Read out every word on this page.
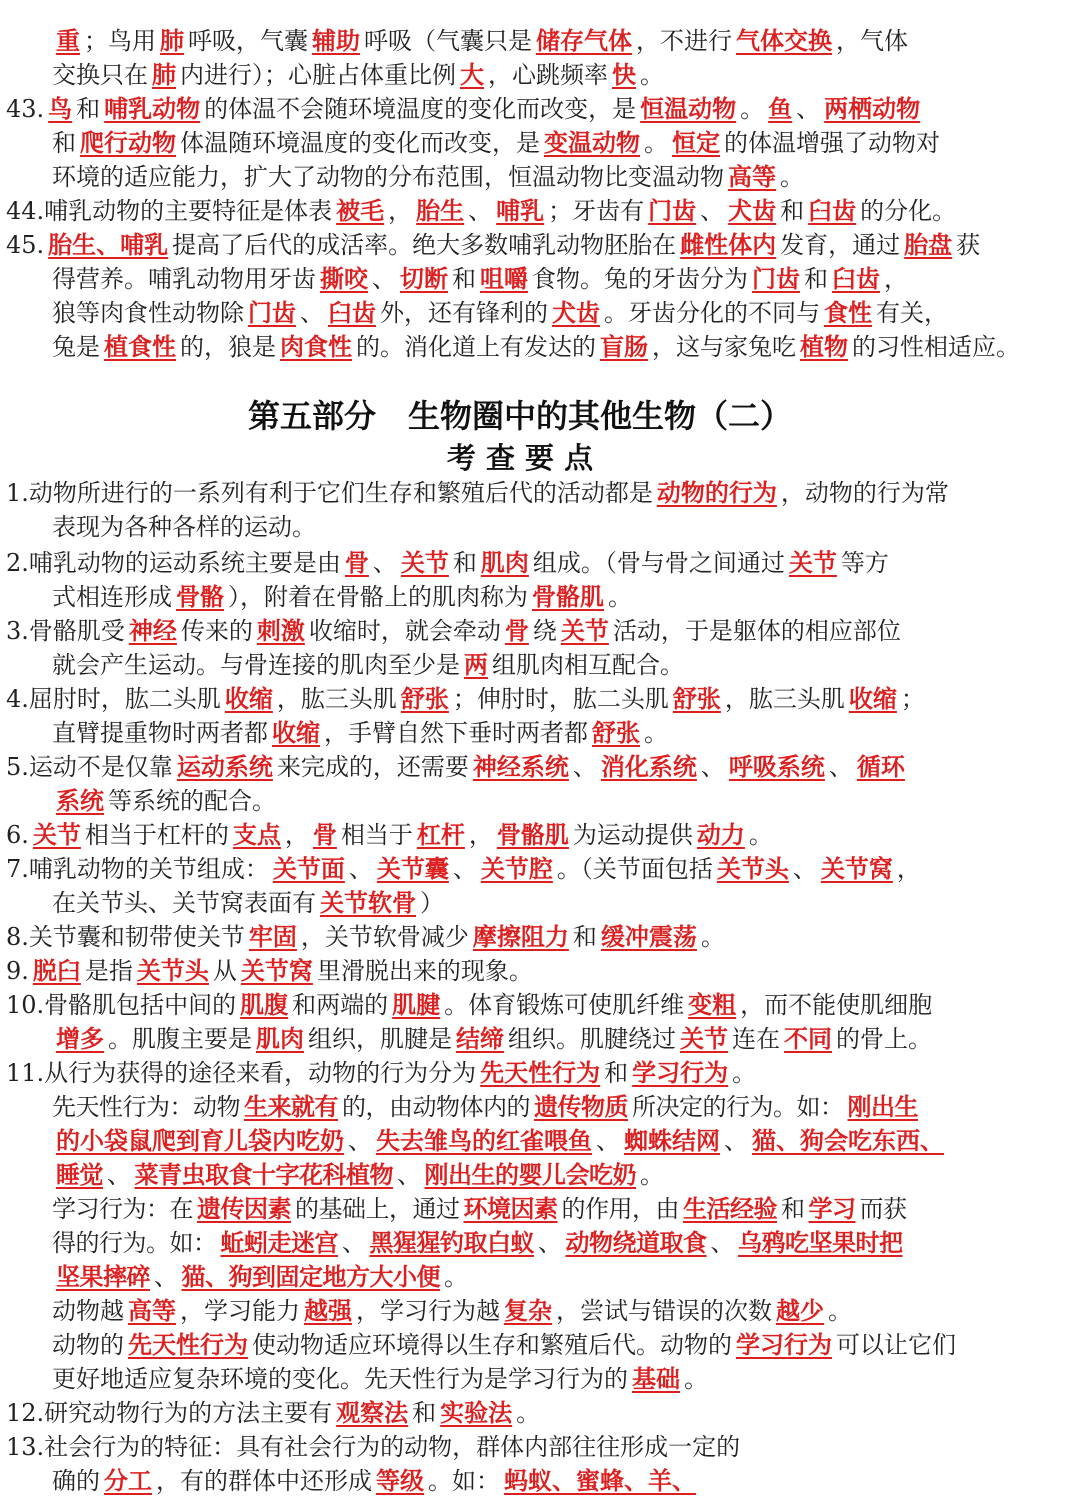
第五部分　生物圈中的其他生物（二）
考 查 要 点
重 ；鸟用 肺 呼吸，气囊 辅助 呼吸（气囊只是 储存气体 ，不进行 气体交换 ，气体
交换只在 肺 内进行）；心脏占体重比例 大 ，心跳频率 快 。
43. 鸟 和 哺乳动物 的体温不会随环境温度的变化而改变，是 恒温动物 。 鱼 、 两栖动物
和 爬行动物 体温随环境温度的变化而改变，是 变温动物 。 恒定 的体温增强了动物对
环境的适应能力，扩大了动物的分布范围，恒温动物比变温动物 高等 。
44.哺乳动物的主要特征是体表 被毛 ， 胎生 、 哺乳 ；牙齿有 门齿 、 犬齿 和 臼齿 的分化。
45. 胎生、哺乳 提高了后代的成活率。绝大多数哺乳动物胚胎在 雌性体内 发育，通过 胎盘 获
得营养。哺乳动物用牙齿 撕咬 、 切断 和 咀嚼 食物。兔的牙齿分为 门齿 和 臼齿 ，
狼等肉食性动物除 门齿 、 臼齿 外，还有锋利的 犬齿 。牙齿分化的不同与 食性 有关，
兔是 植食性 的，狼是 肉食性 的。消化道上有发达的 盲肠 ，这与家兔吃 植物 的习性相适应。
1.动物所进行的一系列有利于它们生存和繁殖后代的活动都是 动物的行为 ，动物的行为常
表现为各种各样的运动。
2.哺乳动物的运动系统主要是由 骨 、 关节 和 肌肉 组成。（骨与骨之间通过 关节 等方
式相连形成 骨骼 ），附着在骨骼上的肌肉称为 骨骼肌 。
3.骨骼肌受 神经 传来的 刺激 收缩时，就会牵动 骨 绕 关节 活动，于是躯体的相应部位
就会产生运动。与骨连接的肌肉至少是 两 组肌肉相互配合。
4.屈肘时，肱二头肌 收缩 ，肱三头肌 舒张 ；伸肘时，肱二头肌 舒张 ，肱三头肌 收缩 ；
直臂提重物时两者都 收缩 ，手臂自然下垂时两者都 舒张 。
5.运动不是仅靠 运动系统 来完成的，还需要 神经系统 、 消化系统 、 呼吸系统 、 循环
系统 等系统的配合。
6. 关节 相当于杠杆的 支点 ， 骨 相当于 杠杆 ， 骨骼肌 为运动提供 动力 。
7.哺乳动物的关节组成： 关节面 、 关节囊 、 关节腔 。（关节面包括 关节头 、 关节窝 ，
在关节头、关节窝表面有 关节软骨 ）
8.关节囊和韧带使关节 牢固 ，关节软骨减少 摩擦阻力 和 缓冲震荡 。
9. 脱臼 是指 关节头 从 关节窝 里滑脱出来的现象。
10.骨骼肌包括中间的 肌腹 和两端的 肌腱 。体育锻炼可使肌纤维 变粗 ，而不能使肌细胞
增多 。肌腹主要是 肌肉 组织，肌腱是 结缔 组织。肌腱绕过 关节 连在 不同 的骨上。
11.从行为获得的途径来看，动物的行为分为 先天性行为 和 学习行为 。
先天性行为：动物 生来就有 的，由动物体内的 遗传物质 所决定的行为。如： 刚出生
的小袋鼠爬到育儿袋内吃奶 、 失去雏鸟的红雀喂鱼 、 蜘蛛结网 、 猫、狗会吃东西、
睡觉 、 菜青虫取食十字花科植物 、 刚出生的婴儿会吃奶 。
学习行为：在 遗传因素 的基础上，通过 环境因素 的作用，由 生活经验 和 学习 而获
得的行为。如： 蚯蚓走迷宫 、 黑猩猩钓取白蚁 、 动物绕道取食 、 乌鸦吃坚果时把
坚果摔碎 、 猫、狗到固定地方大小便 。
动物越 高等 ，学习能力 越强 ，学习行为越 复杂 ，尝试与错误的次数 越少 。
动物的 先天性行为 使动物适应环境得以生存和繁殖后代。动物的 学习行为 可以让它们
更好地适应复杂环境的变化。先天性行为是学习行为的 基础 。
12.研究动物行为的方法主要有 观察法 和 实验法 。
13.社会行为的特征：具有社会行为的动物，群体内部往往形成一定的
确的 分工 ，有的群体中还形成 等级 。如： 蚂蚁、蜜蜂、羊、
